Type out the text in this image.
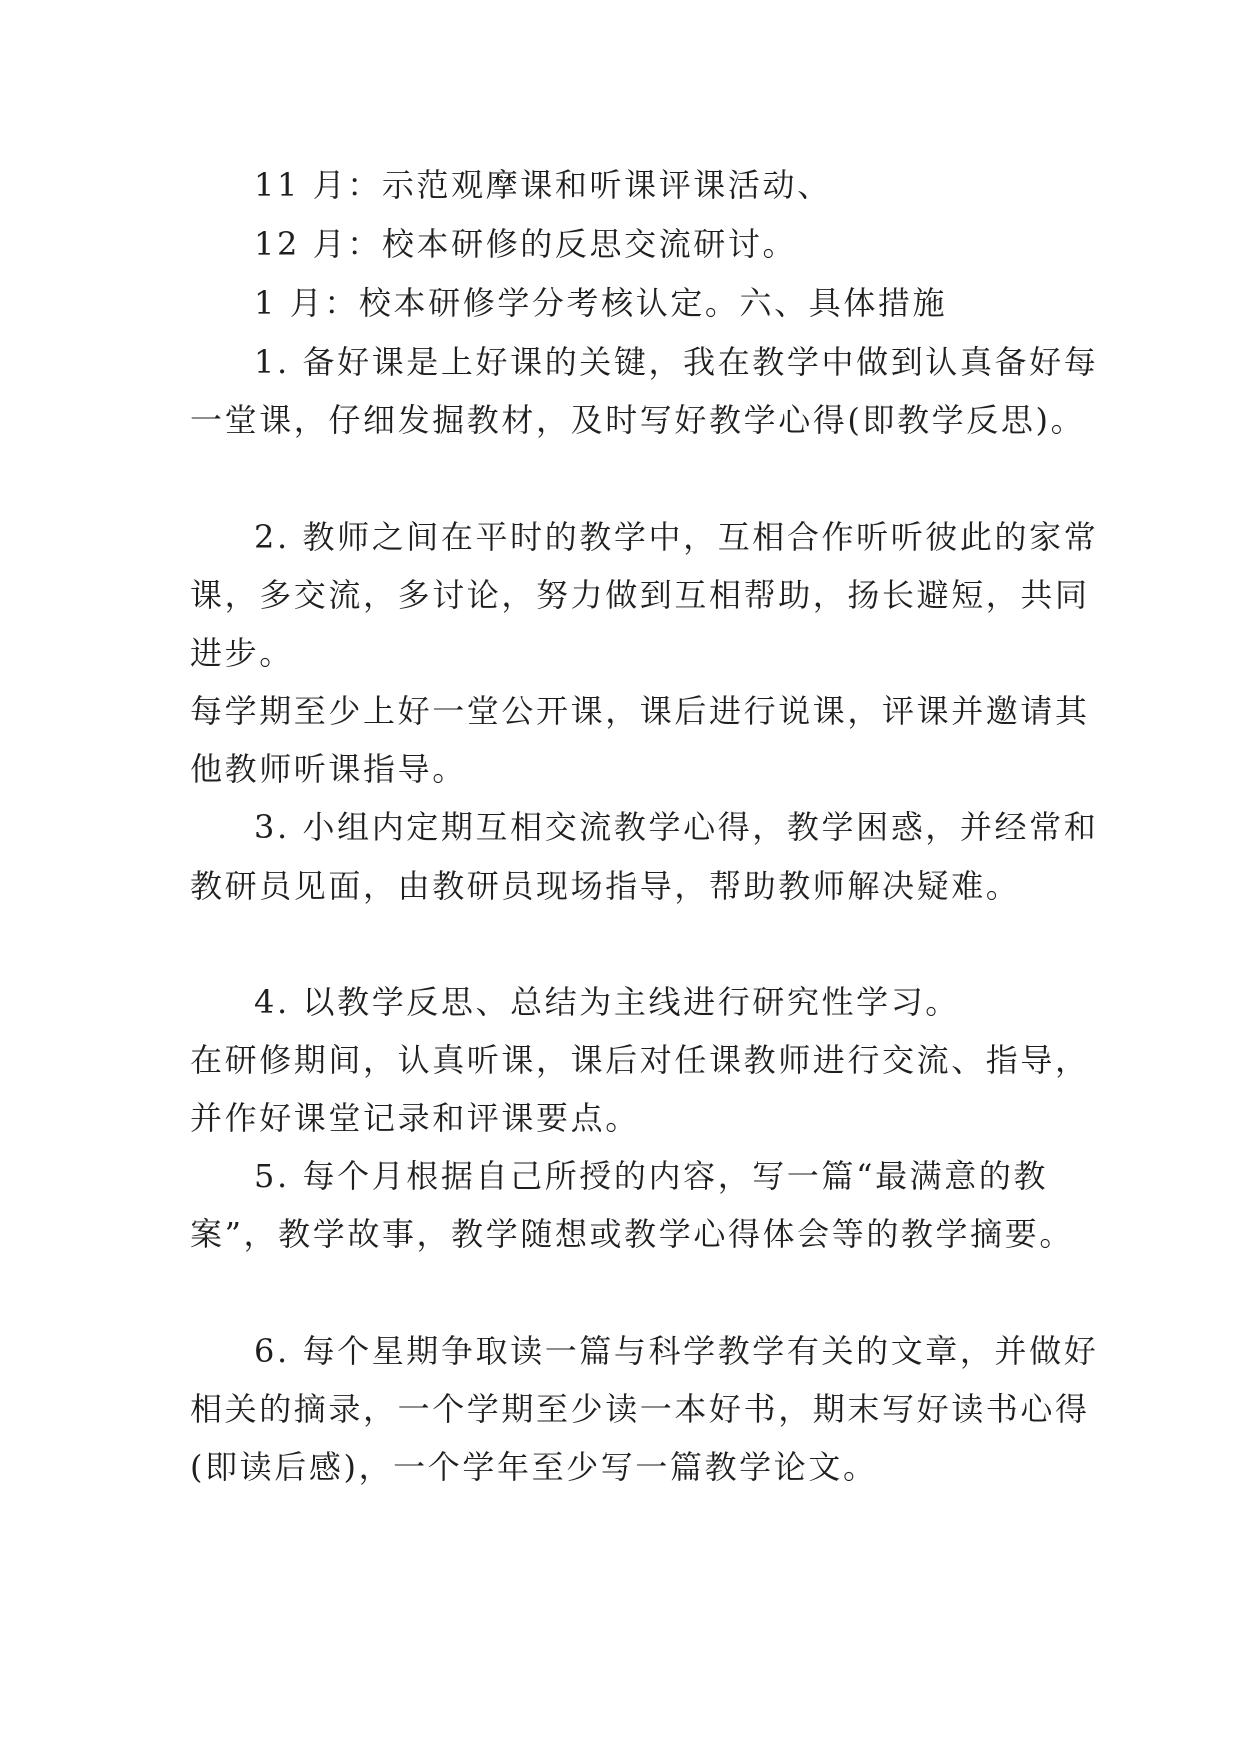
11 月：示范观摩课和听课评课活动、
12 月：校本研修的反思交流研讨。
1 月：校本研修学分考核认定。六、具体措施
1. 备好课是上好课的关键，我在教学中做到认真备好每
一堂课，仔细发掘教材，及时写好教学心得(即教学反思)。
2. 教师之间在平时的教学中，互相合作听听彼此的家常
课，多交流，多讨论，努力做到互相帮助，扬长避短，共同
进步。
每学期至少上好一堂公开课，课后进行说课，评课并邀请其
他教师听课指导。
3. 小组内定期互相交流教学心得，教学困惑，并经常和
教研员见面，由教研员现场指导，帮助教师解决疑难。
4. 以教学反思、总结为主线进行研究性学习。
在研修期间，认真听课，课后对任课教师进行交流、指导，
并作好课堂记录和评课要点。
5. 每个月根据自己所授的内容，写一篇“最满意的教
案”，教学故事，教学随想或教学心得体会等的教学摘要。
6. 每个星期争取读一篇与科学教学有关的文章，并做好
相关的摘录，一个学期至少读一本好书，期末写好读书心得
(即读后感)，一个学年至少写一篇教学论文。
